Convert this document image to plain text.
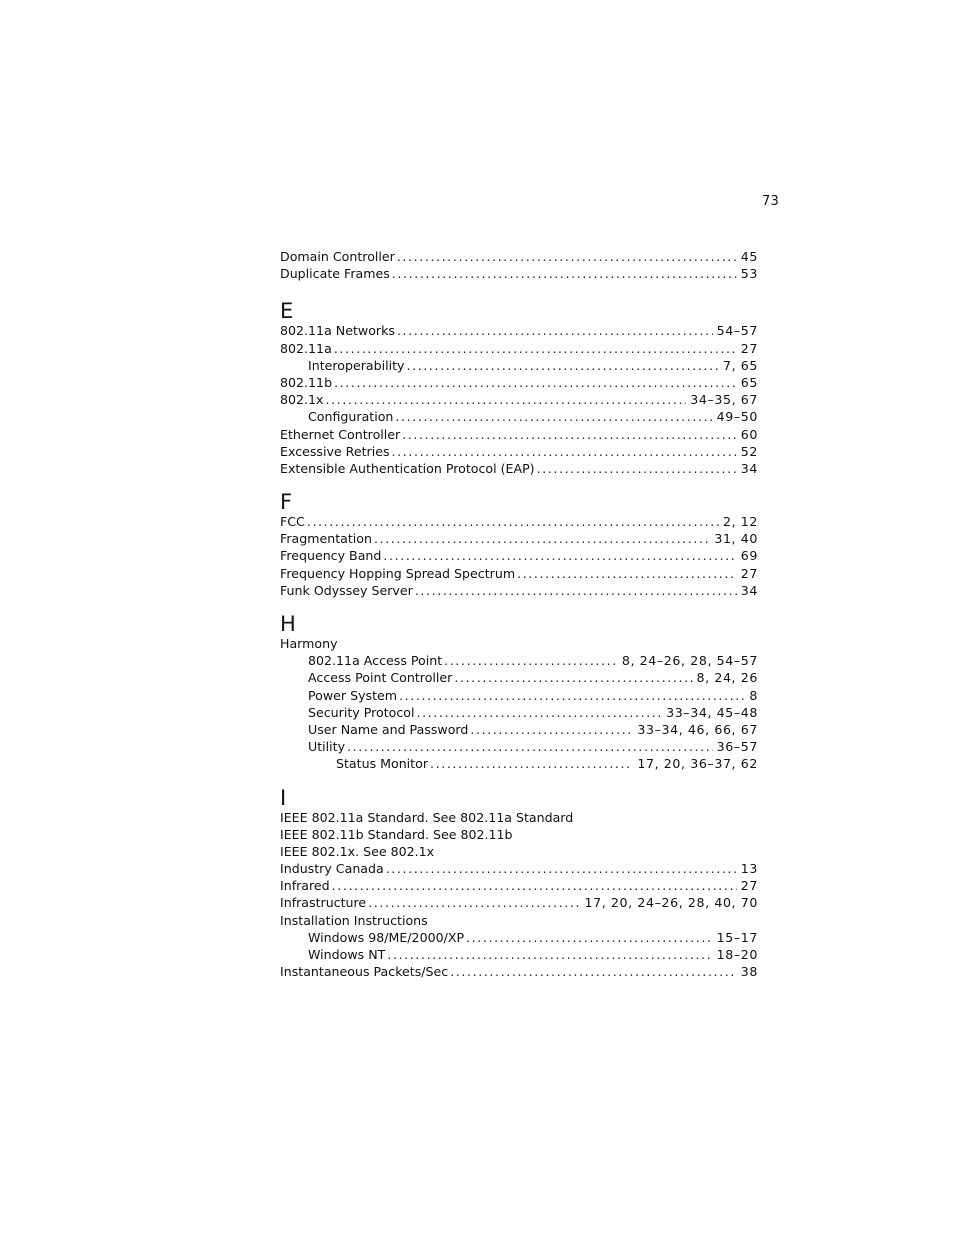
73
Domain Controller .....	45
Duplicate Frames .....	53
E
802.11a Networks .....	54–57
802.11a .....	27
Interoperability .....	7, 65
802.11b .....	65
802.1x .....	34–35, 67
Configuration .....	49–50
Ethernet Controller .....	60
Excessive Retries .....	52
Extensible Authentication Protocol (EAP) .....	34
F
FCC .....	2, 12
Fragmentation .....	31, 40
Frequency Band .....	69
Frequency Hopping Spread Spectrum .....	27
Funk Odyssey Server .....	34
H
Harmony
802.11a Access Point .....	8, 24–26, 28, 54–57
Access Point Controller .....	8, 24, 26
Power System .....	8
Security Protocol .....	33–34, 45–48
User Name and Password .....	33–34, 46, 66, 67
Utility .....	36–57
Status Monitor .....	17, 20, 36–37, 62
I
IEEE 802.11a Standard. See 802.11a Standard
IEEE 802.11b Standard. See 802.11b
IEEE 802.1x. See 802.1x
Industry Canada .....	13
Infrared .....	27
Infrastructure .....	17, 20, 24–26, 28, 40, 70
Installation Instructions
Windows 98/ME/2000/XP .....	15–17
Windows NT .....	18–20
Instantaneous Packets/Sec .....	38
